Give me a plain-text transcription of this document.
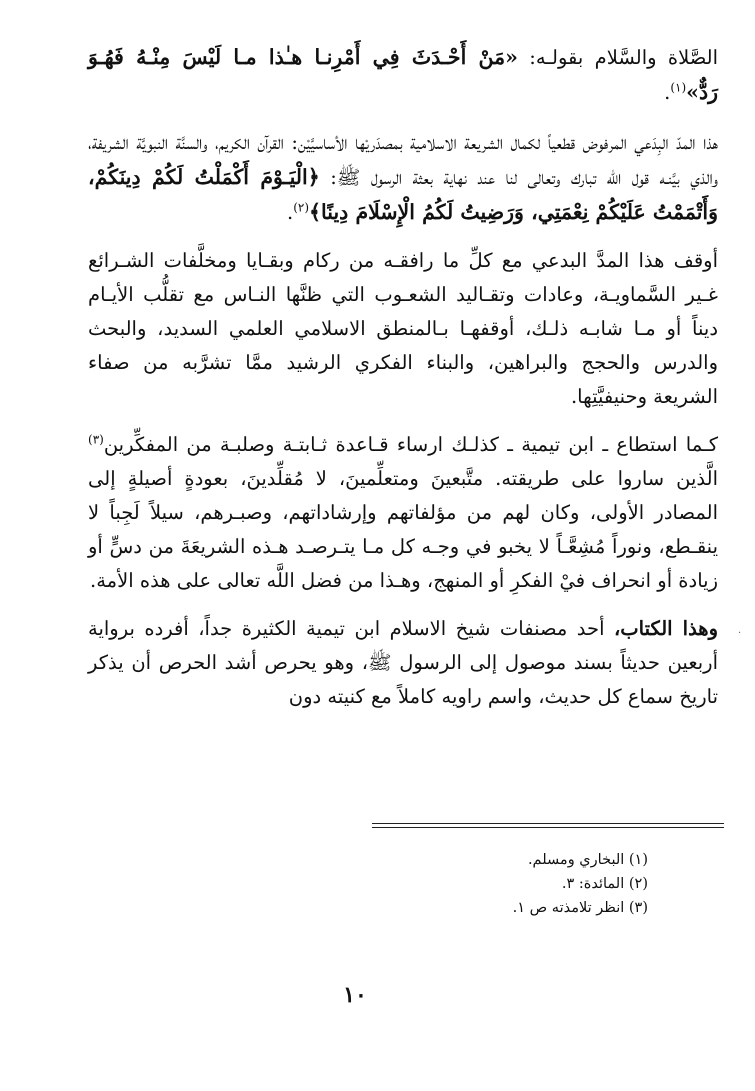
الصَّلاة والسَّلام بقولـه: «مَنْ أَحْـدَثَ فِي أَمْرِنـا هـٰذا مـا لَيْسَ مِنْـهُ فَهُـوَ رَدٌّ»$^{(١)}$.

هذا المدّ البِدَعي المرفوض قطعياً لكمال الشريعة الاسلامية بمصدَريْها الأساسيَّيْن: القرآن الكريم، والسنَّة النبويَّة الشريفة، والذي بيَّنـه قول الله تبارك وتعالى لنا عند نهاية بعثة الرسول ﷺ: ﴿الْيَـوْمَ أَكْمَلْتُ لَكُمْ دِينَكُمْ، وَأَتْمَمْتُ عَلَيْكُمْ نِعْمَتِي، وَرَضِيتُ لَكُمُ الْإِسْلَامَ دِينًا﴾$^{(٢)}$.

أوقف هذا المدَّ البدعي مع كلِّ ما رافقـه من ركام وبقـايا ومخلَّفات الشـرائع غـير السَّماويـة، وعادات وتقـاليد الشعـوب التي ظنَّها النـاس مع تقلُّب الأيـام ديناً أو مـا شابـه ذلـك، أوقفهـا بـالمنطق الاسلامي العلمي السديد، والبحث والدرس والحجج والبراهين، والبناء الفكري الرشيد ممَّا تشرَّبه من صفاء الشريعة وحنيفيَّتِها.

كـما استطاع ـ ابن تيمية ـ كذلـك ارساء قـاعدة ثـابتـة وصلبـة من المفكِّرين$^{(٣)}$ الَّذين ساروا على طريقته. متَّبعينَ ومتعلِّمينَ، لا مُقلِّدينَ، بعودةٍ أصيلةٍ إلى المصادر الأولى، وكان لهم من مؤلفاتهم وإرشاداتهم، وصبـرهم، سيلاً لَجِباً لا ينقـطع، ونوراً مُشِعَّـاً لا يخبو في وجـه كل مـا يتـرصـد هـذه الشريعَةَ من دسٍّ أو زيادة أو انحراف فيْ الفكرِ أو المنهج، وهـذا من فضل اللَّه تعالى على هذه الأمة.

وهذا الكتاب، أحد مصنفات شيخ الاسلام ابن تيمية الكثيرة جداً، أفرده برواية أربعين حديثاً بسند موصول إلى الرسول ﷺ، وهو يحرص أشد الحرص أن يذكر تاريخ سماع كل حديث، واسم راويه كاملاً مع كنيته دون

(١) البخاري ومسلم.

(٢) المائدة: ٣.

(٣) انظر تلامذته ص ١.

١٠
·
